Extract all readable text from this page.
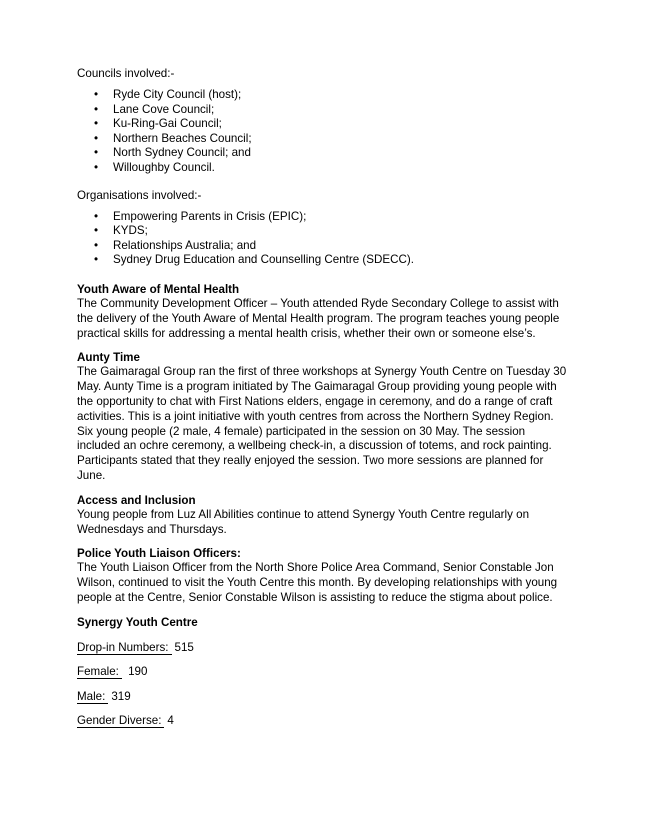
Councils involved:-

• Ryde City Council (host);
• Lane Cove Council;
• Ku-Ring-Gai Council;
• Northern Beaches Council;
• North Sydney Council; and
• Willoughby Council.

Organisations involved:-

• Empowering Parents in Crisis (EPIC);
• KYDS;
• Relationships Australia; and
• Sydney Drug Education and Counselling Centre (SDECC).
Youth Aware of Mental Health

The Community Development Officer – Youth attended Ryde Secondary College to assist with the delivery of the Youth Aware of Mental Health program. The program teaches young people practical skills for addressing a mental health crisis, whether their own or someone else’s.

Aunty Time

The Gaimaragal Group ran the first of three workshops at Synergy Youth Centre on Tuesday 30 May. Aunty Time is a program initiated by The Gaimaragal Group providing young people with the opportunity to chat with First Nations elders, engage in ceremony, and do a range of craft activities. This is a joint initiative with youth centres from across the Northern Sydney Region. Six young people (2 male, 4 female) participated in the session on 30 May. The session included an ochre ceremony, a wellbeing check-in, a discussion of totems, and rock painting. Participants stated that they really enjoyed the session. Two more sessions are planned for June.

Access and Inclusion

Young people from Luz All Abilities continue to attend Synergy Youth Centre regularly on Wednesdays and Thursdays.

Police Youth Liaison Officers:

The Youth Liaison Officer from the North Shore Police Area Command, Senior Constable Jon Wilson, continued to visit the Youth Centre this month. By developing relationships with young people at the Centre, Senior Constable Wilson is assisting to reduce the stigma about police.

Synergy Youth Centre

Drop-in Numbers: 515

Female: 190

Male: 319

Gender Diverse: 4
